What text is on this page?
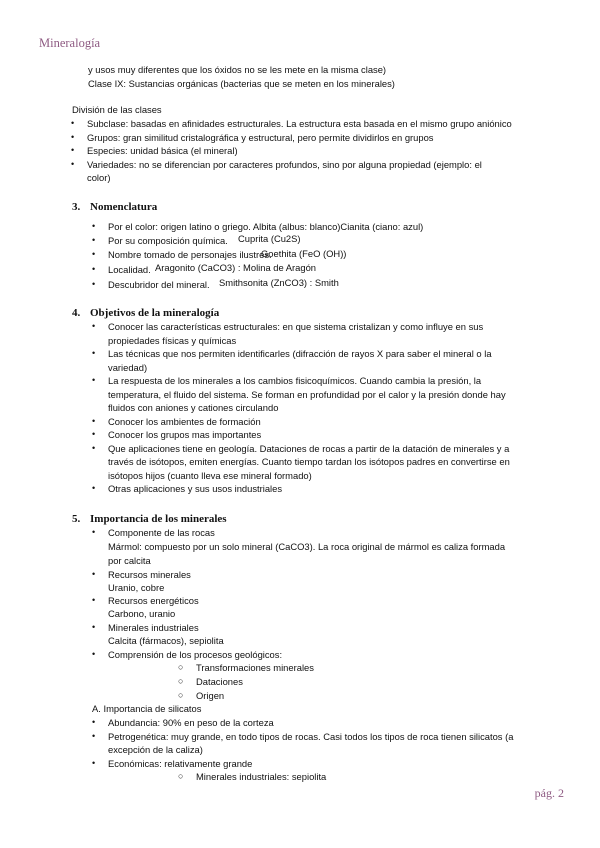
Mineralogía
y usos muy diferentes que los óxidos no se les mete en la misma clase)
Clase IX: Sustancias orgánicas (bacterias que se meten en los minerales)
División de las clases
• Subclase: basadas en afinidades estructurales. La estructura esta basada en el mismo grupo aniónico
• Grupos: gran similitud cristalográfica y estructural, pero permite dividirlos en grupos
• Especies: unidad básica (el mineral)
• Variedades: no se diferencian por caracteres profundos, sino por alguna propiedad (ejemplo: el
color)
3. Nomenclatura
• Por el color: origen latino o griego. Albita (albus: blanco)Cianita (ciano: azul)
• Por su composición química. Cuprita (Cu2S)
• Nombre tomado de personajes ilustres.
Goethita (FeO (OH))
• Localidad. Aragonito (CaCO3) : Molina de Aragón
• Descubridor del mineral. Smithsonita (ZnCO3) : Smith
4. Objetivos de la mineralogía
• Conocer las características estructurales: en que sistema cristalizan y como influye en sus
propiedades físicas y químicas
• Las técnicas que nos permiten identificarles (difracción de rayos X para saber el mineral o la
variedad)
• La respuesta de los minerales a los cambios fisicoquímicos. Cuando cambia la presión, la
temperatura, el fluido del sistema. Se forman en profundidad por el calor y la presión donde hay
fluidos con aniones y cationes circulando
• Conocer los ambientes de formación
• Conocer los grupos mas importantes
• Que aplicaciones tiene en geología. Dataciones de rocas a partir de la datación de minerales y a
través de isótopos, emiten energías. Cuanto tiempo tardan los isótopos padres en convertirse en
isótopos hijos (cuanto lleva ese mineral formado)
• Otras aplicaciones y sus usos industriales
5. Importancia de los minerales
• Componente de las rocas
Mármol: compuesto por un solo mineral (CaCO3). La roca original de mármol es caliza formada
por calcita
• Recursos minerales
Uranio, cobre
• Recursos energéticos
Carbono, uranio
• Minerales industriales
Calcita (fármacos), sepiolita
• Comprensión de los procesos geológicos:
○ Transformaciones minerales
○ Dataciones
○ Origen
A. Importancia de silicatos
• Abundancia: 90% en peso de la corteza
• Petrogenética: muy grande, en todo tipos de rocas. Casi todos los tipos de roca tienen silicatos (a
excepción de la caliza)
• Económicas: relativamente grande
○ Minerales industriales: sepiolita
pág. 2
